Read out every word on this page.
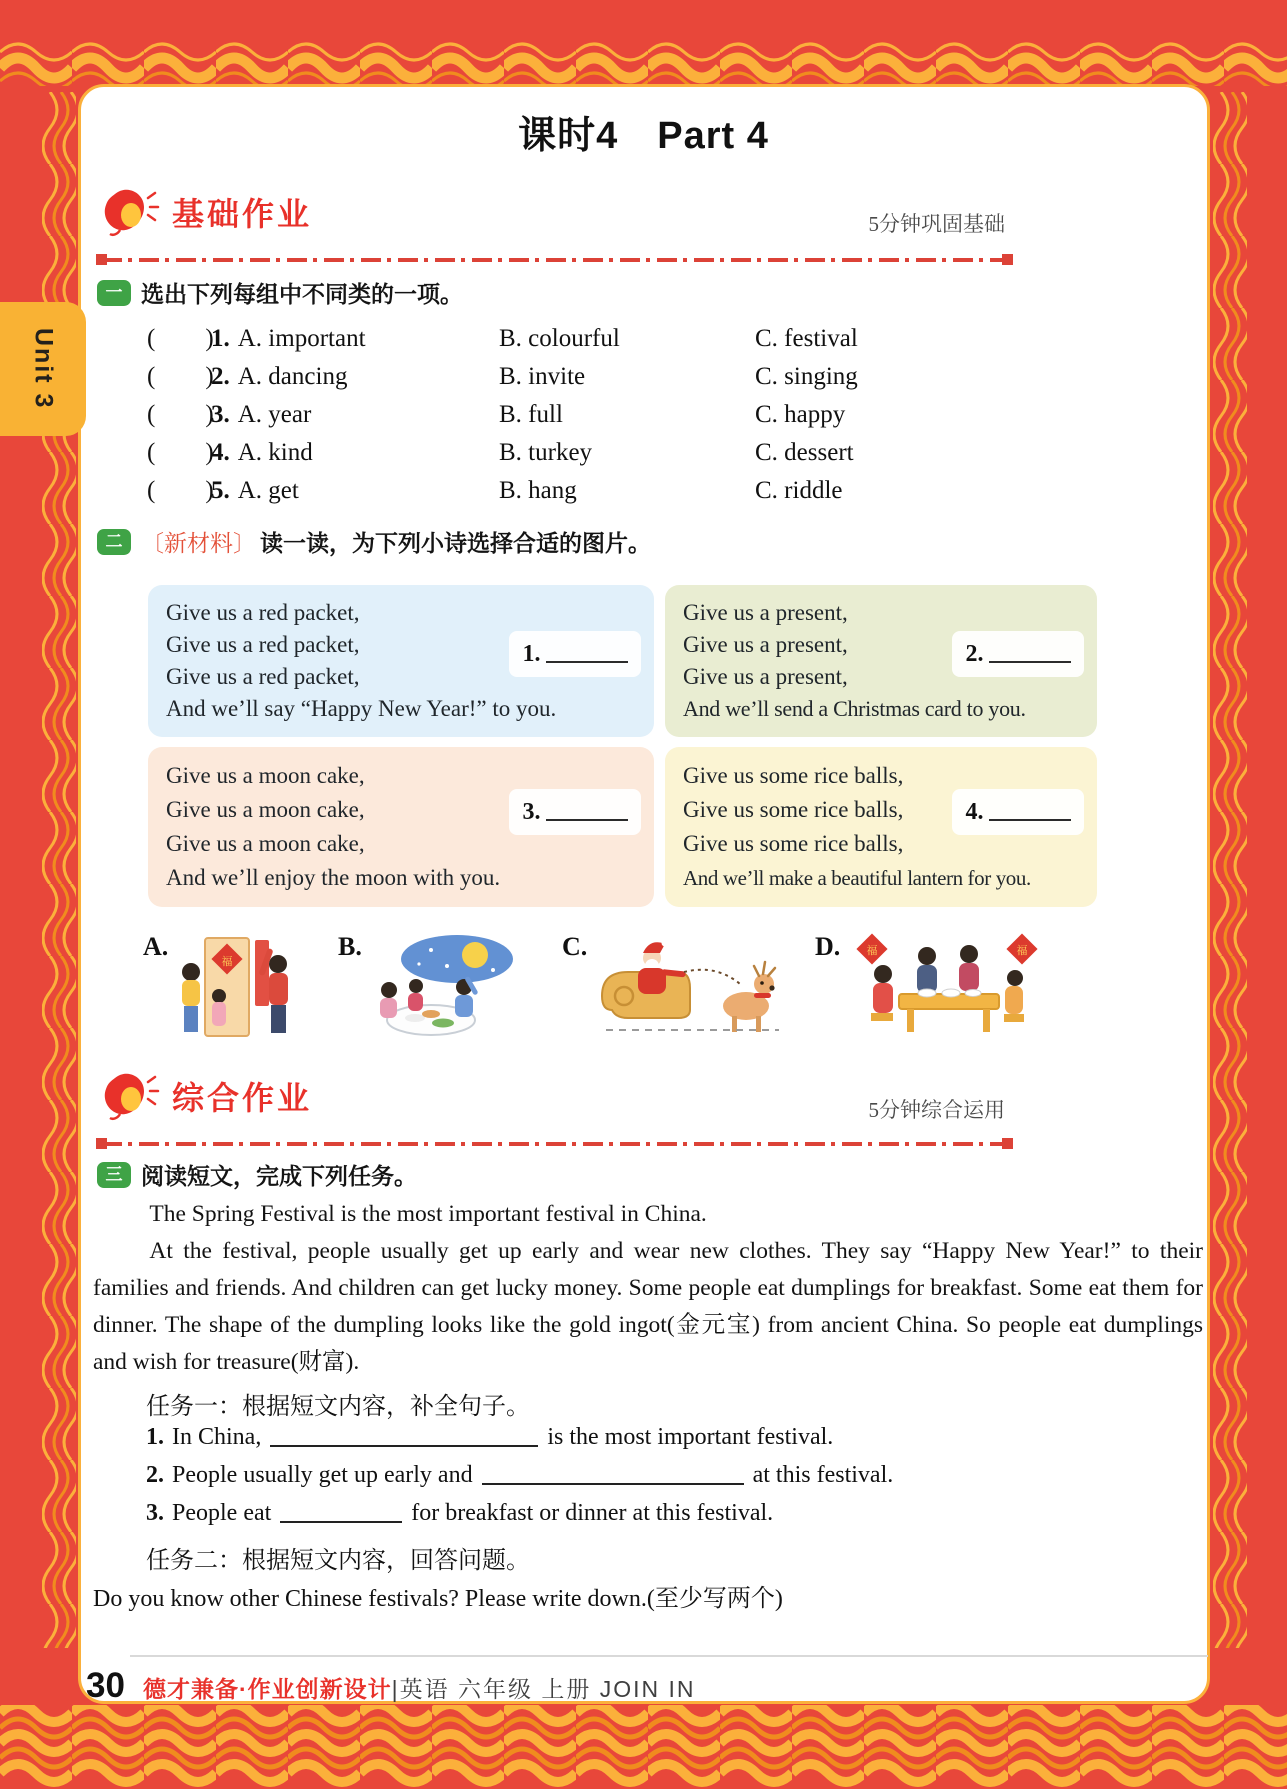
Unit 3
课时4　Part 4
基础作业	5分钟巩固基础
一 选出下列每组中不同类的一项。
(　　)
1. A. important	B. colourful	C. festival
(　　)
2. A. dancing	B. invite	C. singing
(　　)
3. A. year	B. full	C. happy
(　　)
4. A. kind	B. turkey	C. dessert
(　　)
5. A. get	B. hang	C. riddle
二 〔新材料〕 读一读，为下列小诗选择合适的图片。
Give us a red packet,
Give us a red packet,
Give us a red packet,
And we’ll say “Happy New Year!” to you.
1.
Give us a present,
Give us a present,
Give us a present,
And we’ll send a Christmas card to you.
2.
Give us a moon cake,
Give us a moon cake,
Give us a moon cake,
And we’ll enjoy the moon with you.
3.
Give us some rice balls,
Give us some rice balls,
Give us some rice balls,
And we’ll make a beautiful lantern for you.
4.
A.
福
B.	C.	D. 福	福
综合作业	5分钟综合运用
三 阅读短文，完成下列任务。

The Spring Festival is the most important festival in China.

At the festival, people usually get up early and wear new clothes. They say “Happy New Year!” to their families and friends. And children can get lucky money. Some people eat dumplings for breakfast. Some eat them for dinner. The shape of the dumpling looks like the gold ingot(金元宝) from ancient China. So people eat dumplings and wish for treasure(财富).

任务一：根据短文内容，补全句子。
1. In China,	is the most important festival.
2. People usually get up early and	at this festival.
3. People eat	for breakfast or dinner at this festival.
任务二：根据短文内容，回答问题。
Do you know other Chinese festivals? Please write down.(至少写两个)
30 德才兼备·作业创新设计|英语 六年级 上册 JOIN IN
